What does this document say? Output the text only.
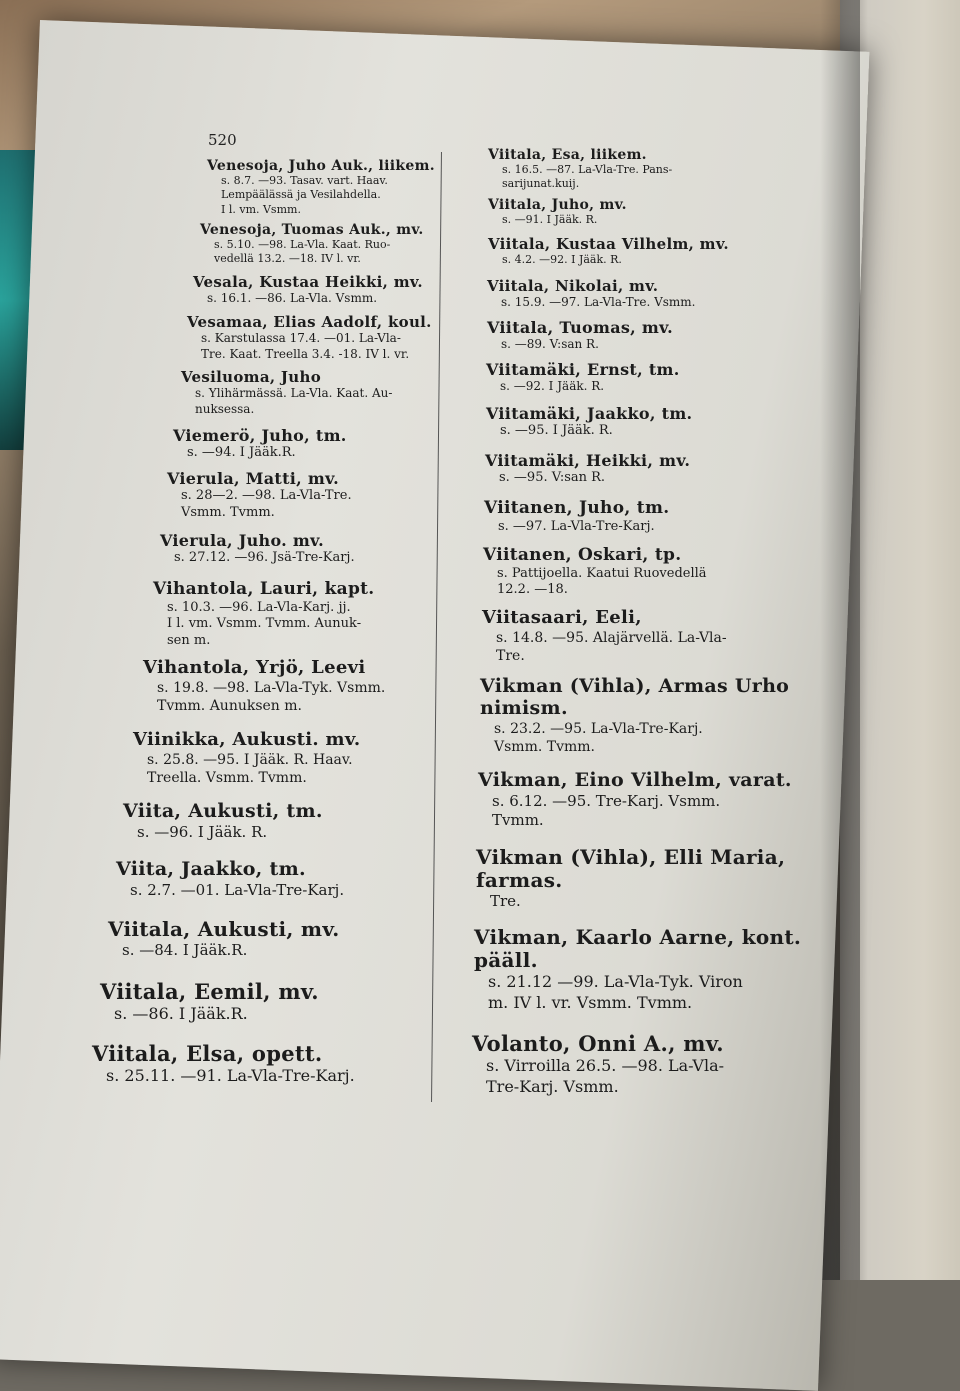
520
Venesoja, Juho Auk., liikem.
s. 8.7. —93. Tasav. vart. Haav.
Lempäälässä ja Vesilahdella.
I l. vm. Vsmm.
Venesoja, Tuomas Auk., mv.
s. 5.10. —98. La-Vla. Kaat. Ruo-
vedellä 13.2. —18. IV l. vr.
Vesala, Kustaa Heikki, mv.
s. 16.1. —86. La-Vla. Vsmm.
Vesamaa, Elias Aadolf, koul.
s. Karstulassa 17.4. —01. La-Vla-
Tre. Kaat. Treella 3.4. -18. IV l. vr.
Vesiluoma, Juho
s. Ylihärmässä. La-Vla. Kaat. Au-
nuksessa.
Viemerö, Juho, tm.
s. —94. I Jääk.R.
Vierula, Matti, mv.
s. 28—2. —98. La-Vla-Tre.
Vsmm. Tvmm.
Vierula, Juho. mv.
s. 27.12. —96. Jsä-Tre-Karj.
Vihantola, Lauri, kapt.
s. 10.3. —96. La-Vla-Karj. jj.
I l. vm. Vsmm. Tvmm. Aunuk-
sen m.
Vihantola, Yrjö, Leevi
s. 19.8. —98. La-Vla-Tyk. Vsmm.
Tvmm. Aunuksen m.
Viinikka, Aukusti. mv.
s. 25.8. —95. I Jääk. R. Haav.
Treella. Vsmm. Tvmm.
Viita, Aukusti, tm.
s. —96. I Jääk. R.
Viita, Jaakko, tm.
s. 2.7. —01. La-Vla-Tre-Karj.
Viitala, Aukusti, mv.
s. —84. I Jääk.R.
Viitala, Eemil, mv.
s. —86. I Jääk.R.
Viitala, Elsa, opett.
s. 25.11. —91. La-Vla-Tre-Karj.
Viitala, Esa, liikem.
s. 16.5. —87. La-Vla-Tre. Pans-
sarijunat.kuij.
Viitala, Juho, mv.
s. —91. I Jääk. R.
Viitala, Kustaa Vilhelm, mv.
s. 4.2. —92. I Jääk. R.
Viitala, Nikolai, mv.
s. 15.9. —97. La-Vla-Tre. Vsmm.
Viitala, Tuomas, mv.
s. —89. V:san R.
Viitamäki, Ernst, tm.
s. —92. I Jääk. R.
Viitamäki, Jaakko, tm.
s. —95. I Jääk. R.
Viitamäki, Heikki, mv.
s. —95. V:san R.
Viitanen, Juho, tm.
s. —97. La-Vla-Tre-Karj.
Viitanen, Oskari, tp.
s. Pattijoella. Kaatui Ruovedellä
12.2. —18.
Viitasaari, Eeli,
s. 14.8. —95. Alajärvellä. La-Vla-
Tre.
Vikman (Vihla), Armas Urho
nimism.
s. 23.2. —95. La-Vla-Tre-Karj.
Vsmm. Tvmm.
Vikman, Eino Vilhelm, varat.
s. 6.12. —95. Tre-Karj. Vsmm.
Tvmm.
Vikman (Vihla), Elli Maria,
farmas.
Tre.
Vikman, Kaarlo Aarne, kont.
pääll.
s. 21.12 —99. La-Vla-Tyk. Viron
m. IV l. vr. Vsmm. Tvmm.
Volanto, Onni A., mv.
s. Virroilla 26.5. —98. La-Vla-
Tre-Karj. Vsmm.
